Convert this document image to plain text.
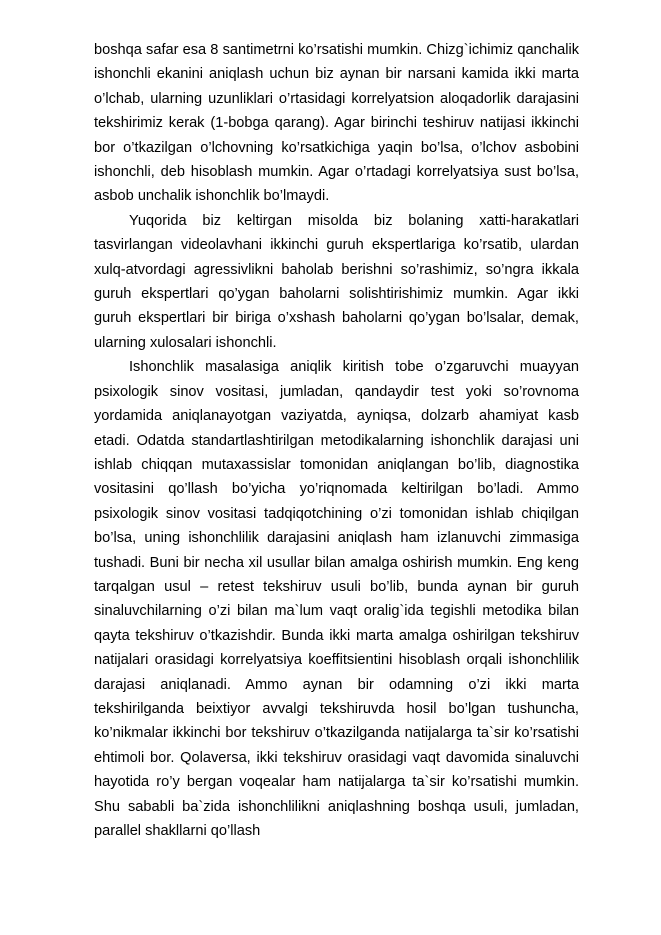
boshqa safar esa 8 santimetrni ko’rsatishi mumkin. Chizg`ichimiz qanchalik ishonchli ekanini aniqlash uchun biz aynan bir narsani kamida ikki marta o’lchab, ularning uzunliklari o’rtasidagi korrelyatsion aloqadorlik darajasini tekshirimiz kerak (1-bobga qarang). Agar birinchi teshiruv natijasi ikkinchi bor o’tkazilgan o’lchovning ko’rsatkichiga yaqin bo’lsa, o’lchov asbobini ishonchli, deb hisoblash mumkin. Agar o’rtadagi korrelyatsiya sust bo’lsa, asbob unchalik ishonchlik bo’lmaydi.

Yuqorida biz keltirgan misolda biz bolaning xatti-harakatlari tasvirlangan videolavhani ikkinchi guruh ekspertlariga ko’rsatib, ulardan xulq-atvordagi agressivlikni baholab berishni so’rashimiz, so’ngra ikkala guruh ekspertlari qo’ygan baholarni solishtirishimiz mumkin. Agar ikki guruh ekspertlari bir biriga o’xshash baholarni qo’ygan bo’lsalar, demak, ularning xulosalari ishonchli.

Ishonchlik masalasiga aniqlik kiritish tobe o’zgaruvchi muayyan psixologik sinov vositasi, jumladan, qandaydir test yoki so’rovnoma yordamida aniqlanayotgan vaziyatda, ayniqsa, dolzarb ahamiyat kasb etadi. Odatda standartlashtirilgan metodikalarning ishonchlik darajasi uni ishlab chiqqan mutaxassislar tomonidan aniqlangan bo’lib, diagnostika vositasini qo’llash bo’yicha yo’riqnomada keltirilgan bo’ladi. Ammo psixologik sinov vositasi tadqiqotchining o’zi tomonidan ishlab chiqilgan bo’lsa, uning ishonchlilik darajasini aniqlash ham izlanuvchi zimmasiga tushadi. Buni bir necha xil usullar bilan amalga oshirish mumkin. Eng keng tarqalgan usul – retest tekshiruv usuli bo’lib, bunda aynan bir guruh sinaluvchilarning o’zi bilan ma`lum vaqt oralig`ida tegishli metodika bilan qayta tekshiruv o’tkazishdir. Bunda ikki marta amalga oshirilgan tekshiruv natijalari orasidagi korrelyatsiya koeffitsientini hisoblash orqali ishonchlilik darajasi aniqlanadi. Ammo aynan bir odamning o’zi ikki marta tekshirilganda beixtiyor avvalgi tekshiruvda hosil bo’lgan tushuncha, ko’nikmalar ikkinchi bor tekshiruv o’tkazilganda natijalarga ta`sir ko’rsatishi ehtimoli bor. Qolaversa, ikki tekshiruv orasidagi vaqt davomida sinaluvchi hayotida ro’y bergan voqealar ham natijalarga ta`sir ko’rsatishi mumkin. Shu sababli ba`zida ishonchlilikni aniqlashning boshqa usuli, jumladan, parallel shakllarni qo’llash
